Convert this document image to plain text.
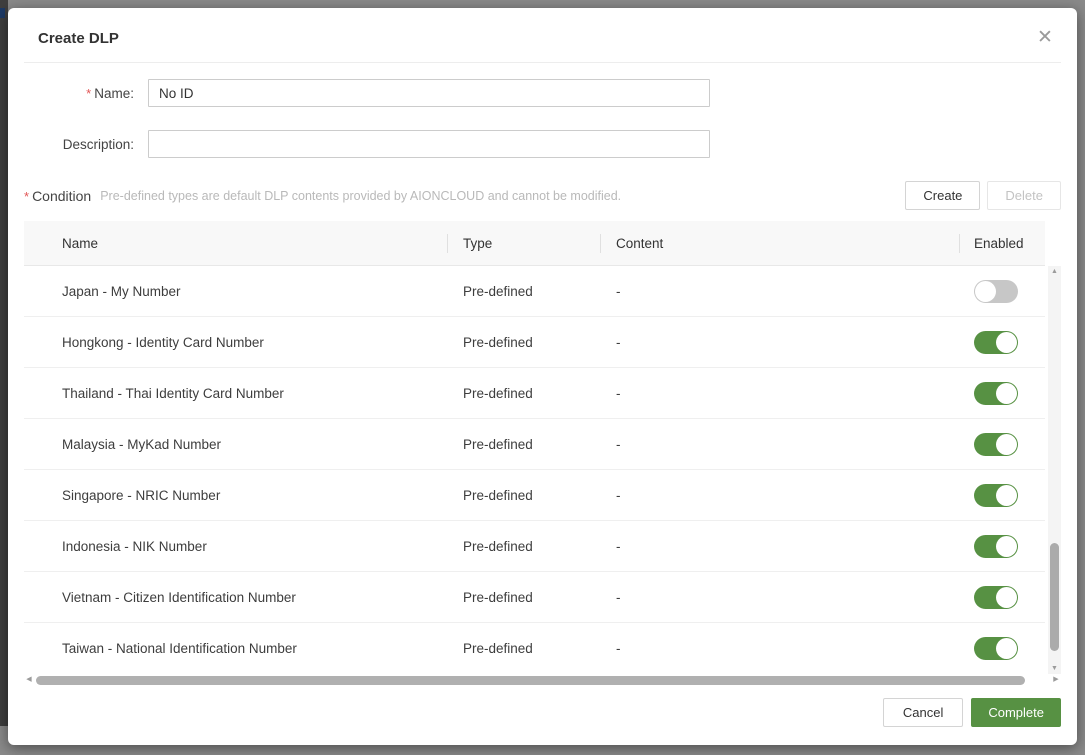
Create DLP	✕
* Name:
No ID
Description:
* Condition Pre-defined types are default DLP contents provided by AIONCLOUD and cannot be modified.	Create	Delete
Name	Type	Content	Enabled
Japan - My Number	Pre-defined	-
Hongkong - Identity Card Number	Pre-defined	-
Thailand - Thai Identity Card Number	Pre-defined	-
Malaysia - MyKad Number	Pre-defined	-
Singapore - NRIC Number	Pre-defined	-
Indonesia - NIK Number	Pre-defined	-
Vietnam - Citizen Identification Number	Pre-defined	-
Taiwan - National Identification Number	Pre-defined	-
▲
▼
◀	▶
Cancel	Complete
